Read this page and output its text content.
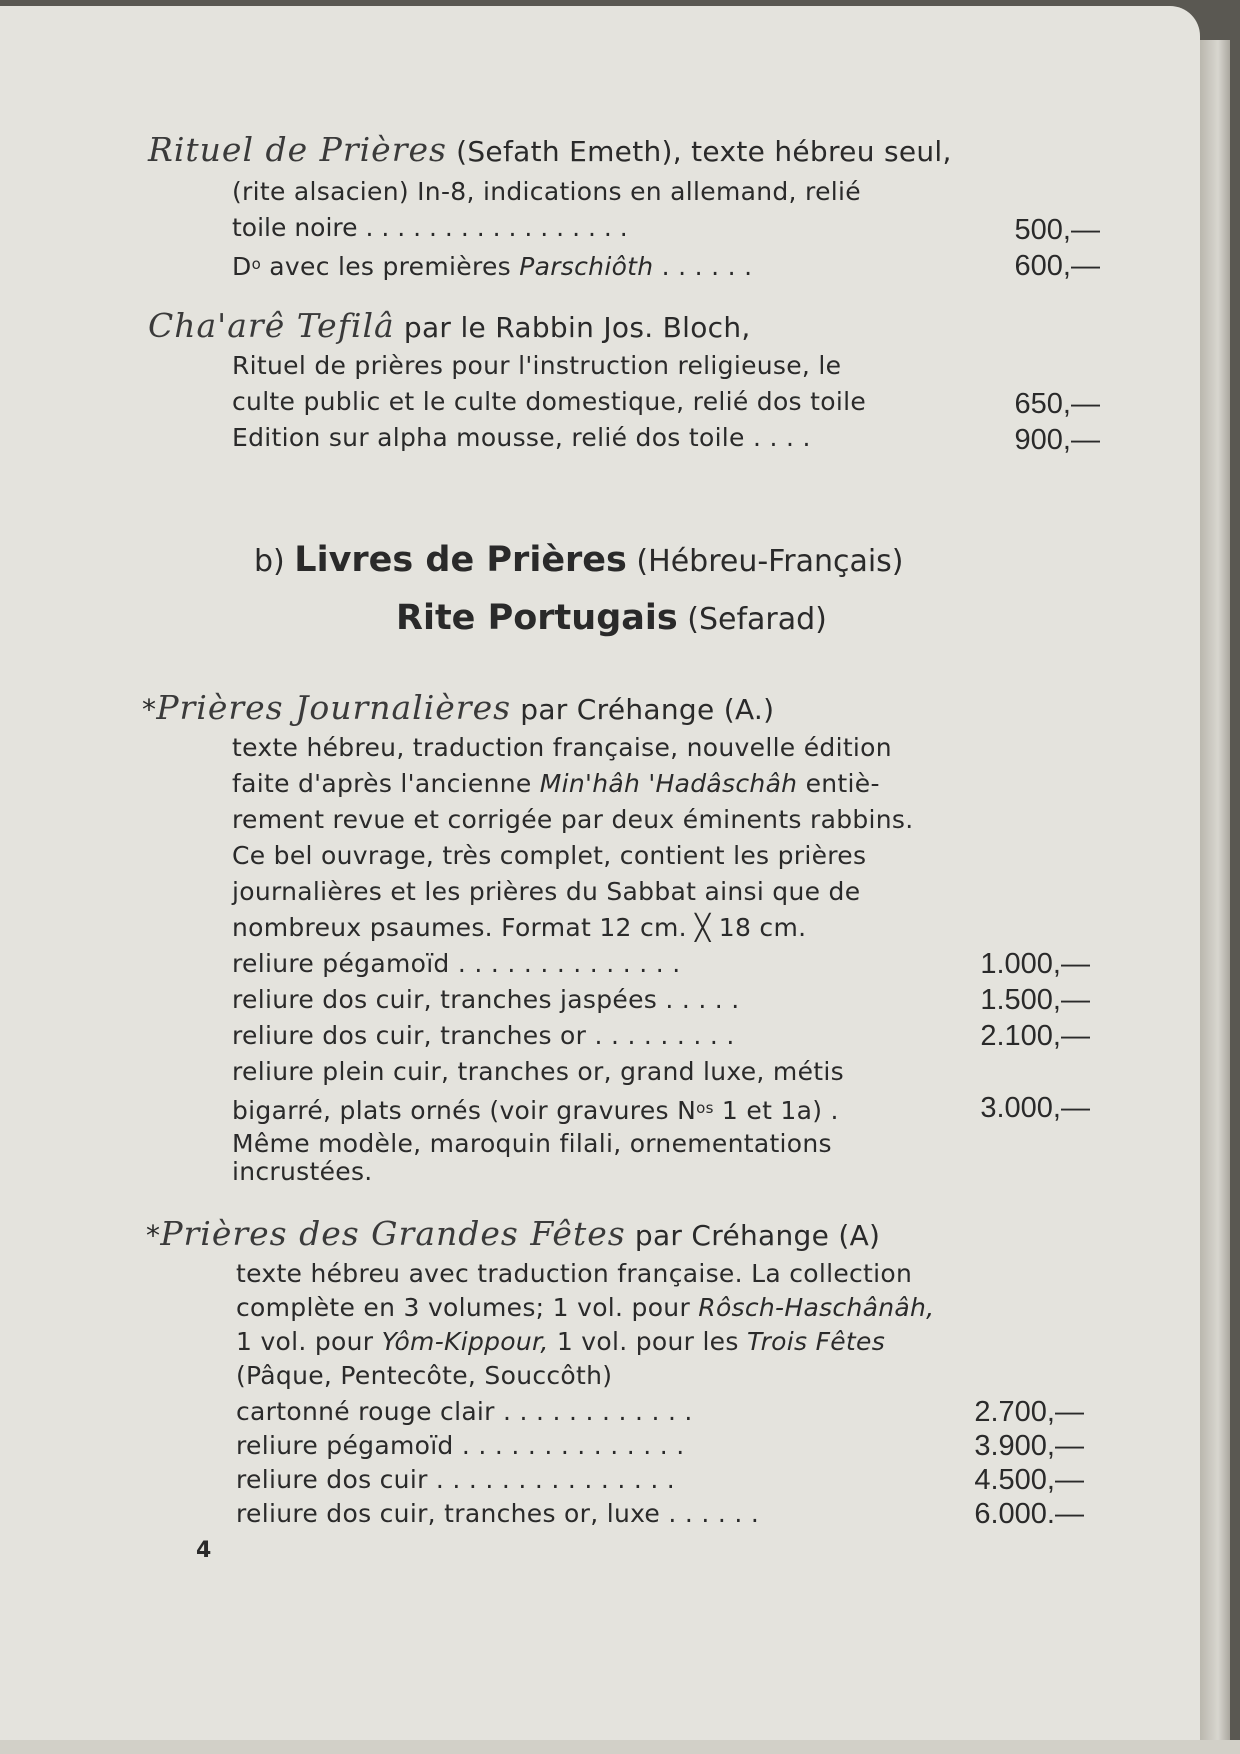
Rituel de Prières (Sefath Emeth), texte hébreu seul,
(rite alsacien) In-8, indications en allemand, relié
toile noire . . . . . . . . . . . . . . . . .	500,—
$D^o$ avec les premières Parschiôth . . . . . .	600,—
Cha'arê Tefilâ par le Rabbin Jos. Bloch,
Rituel de prières pour l'instruction religieuse, le
culte public et le culte domestique, relié dos toile	650,—
Edition sur alpha mousse, relié dos toile . . . .	900,—
b) Livres de Prières (Hébreu-Français)
Rite Portugais (Sefarad)
*Prières Journalières par Créhange (A.)
texte hébreu, traduction française, nouvelle édition
faite d'après l'ancienne Min'hâh 'Hadâschâh entiè-
rement revue et corrigée par deux éminents rabbins.
Ce bel ouvrage, très complet, contient les prières
journalières et les prières du Sabbat ainsi que de
nombreux psaumes. Format 12 cm. ╳ 18 cm.
reliure pégamoïd . . . . . . . . . . . . . .	1.000,—
reliure dos cuir, tranches jaspées . . . . .	1.500,—
reliure dos cuir, tranches or . . . . . . . . .	2.100,—
reliure plein cuir, tranches or, grand luxe, métis
bigarré, plats ornés (voir gravures $N^{os}$ 1 et 1a) .	3.000,—
Même modèle, maroquin filali, ornementations
incrustées.
*Prières des Grandes Fêtes par Créhange (A)
texte hébreu avec traduction française. La collection
complète en 3 volumes; 1 vol. pour Rôsch-Haschânâh,
1 vol. pour Yôm-Kippour, 1 vol. pour les Trois Fêtes
(Pâque, Pentecôte, Souccôth)
cartonné rouge clair . . . . . . . . . . . .	2.700,—
reliure pégamoïd . . . . . . . . . . . . . .	3.900,—
reliure dos cuir . . . . . . . . . . . . . . .	4.500,—
reliure dos cuir, tranches or, luxe . . . . . .	6.000.—
4
